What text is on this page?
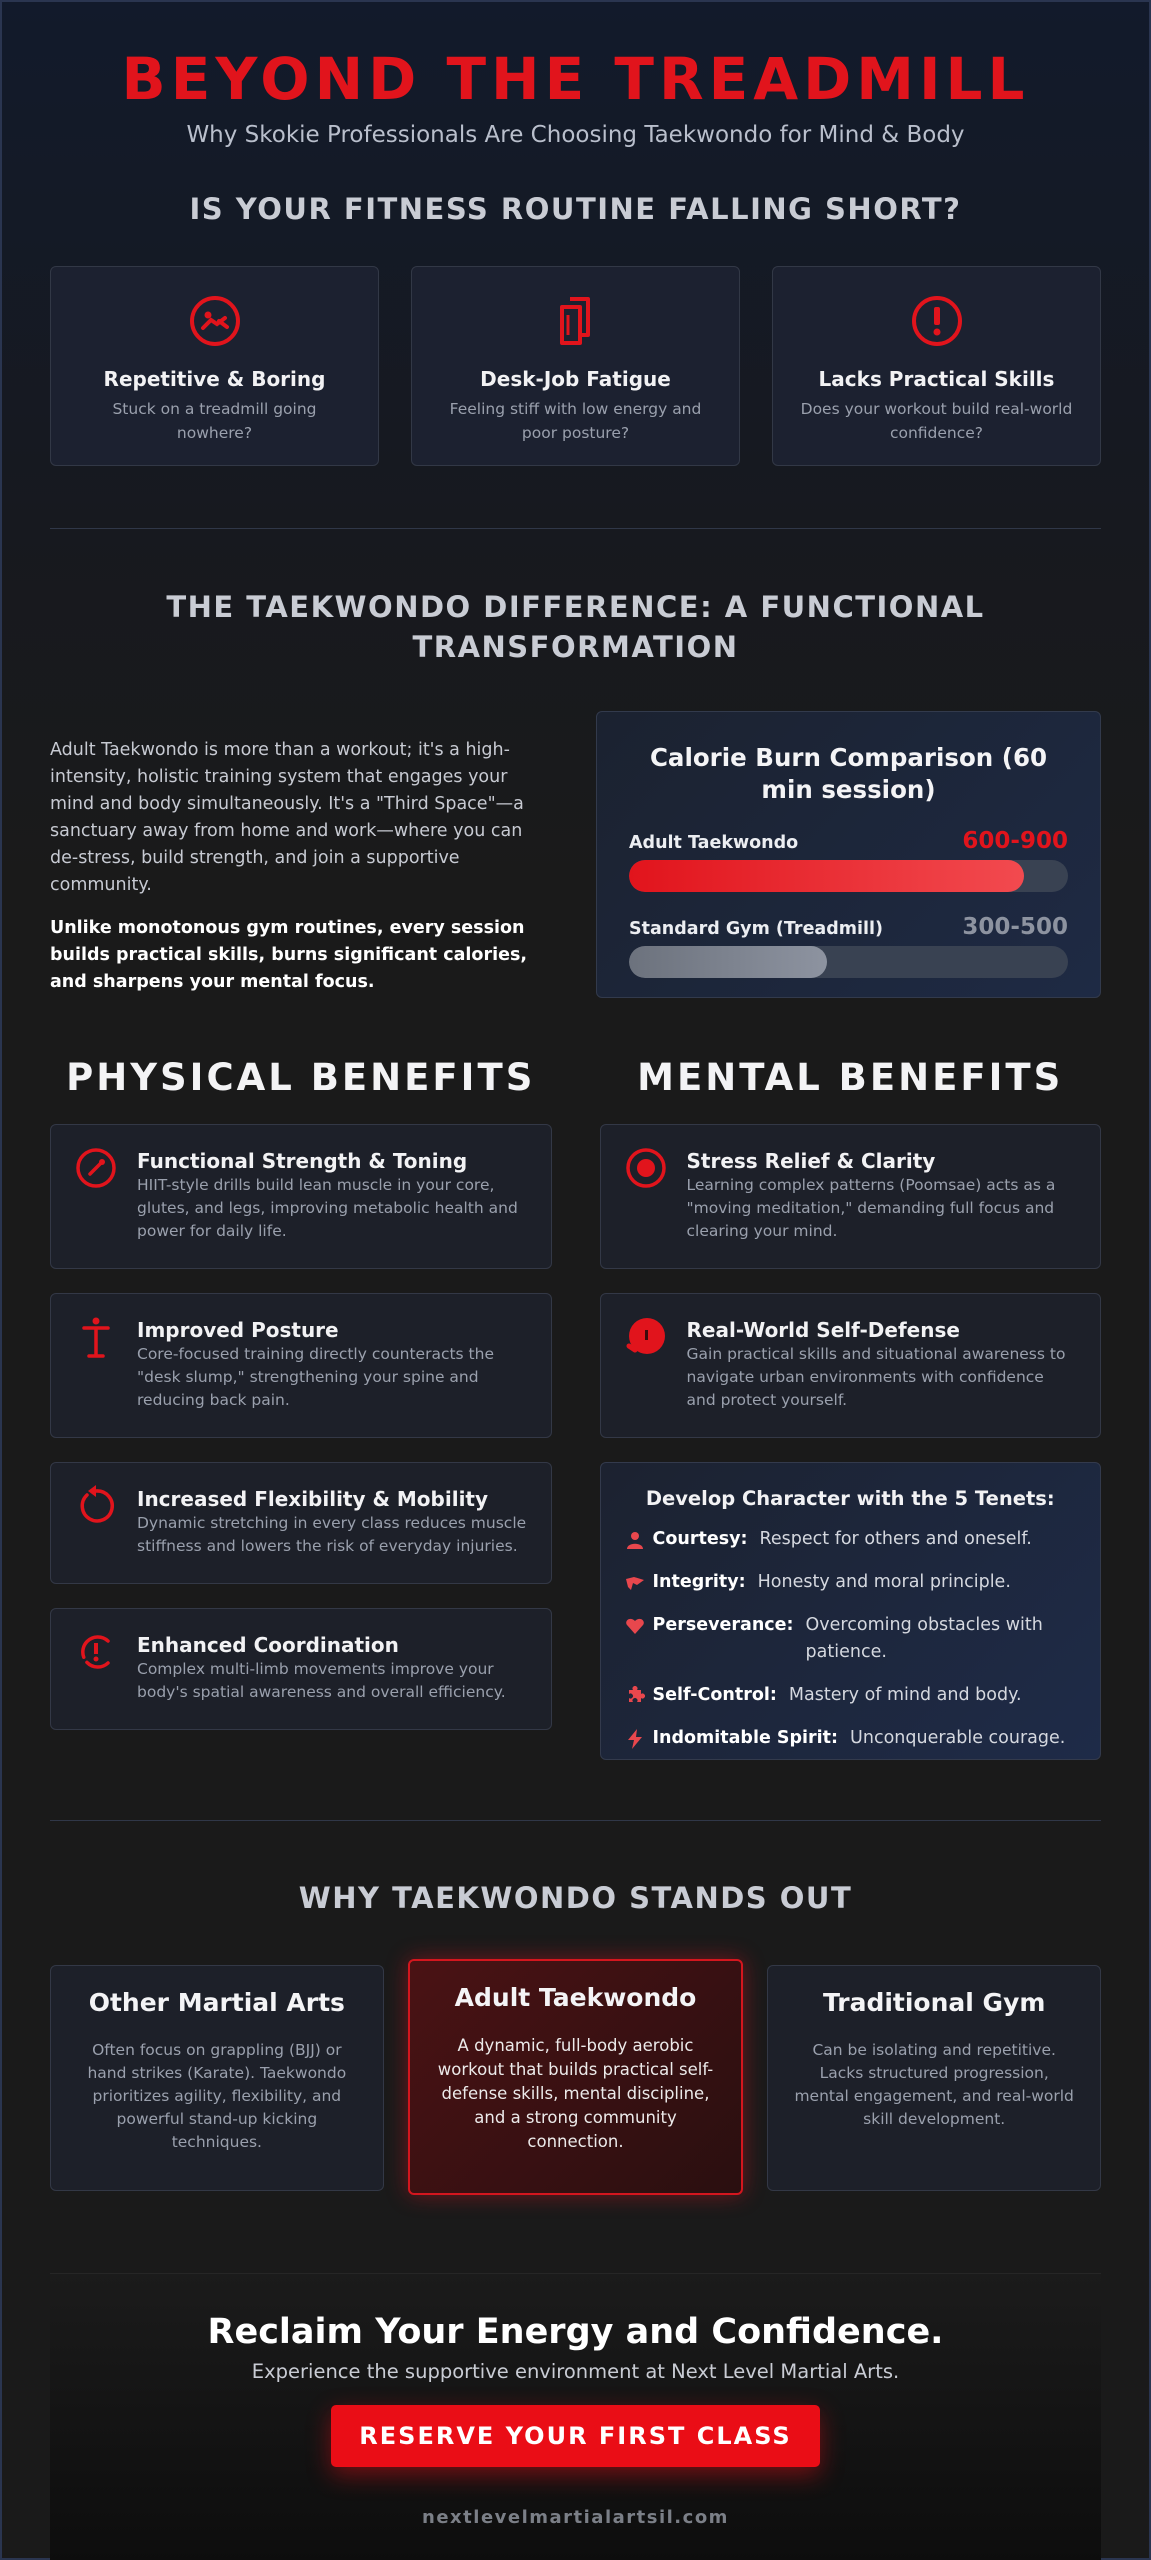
BEYOND THE TREADMILL

Why Skokie Professionals Are Choosing Taekwondo for Mind & Body

IS YOUR FITNESS ROUTINE FALLING SHORT?
Repetitive & Boring

Stuck on a treadmill going nowhere?

Desk-Job Fatigue

Feeling stiff with low energy and poor posture?

Lacks Practical Skills

Does your workout build real-world confidence?

THE TAEKWONDO DIFFERENCE: A FUNCTIONAL TRANSFORMATION

Adult Taekwondo is more than a workout; it's a high-intensity, holistic training system that engages your mind and body simultaneously. It's a "Third Space"—a sanctuary away from home and work—where you can de-stress, build strength, and join a supportive community.

Unlike monotonous gym routines, every session builds practical skills, burns significant calories, and sharpens your mental focus.

Calorie Burn Comparison (60 min session)
Adult Taekwondo	600-900
Standard Gym (Treadmill)	300-500
PHYSICAL BENEFITS
Functional Strength & Toning

HIIT-style drills build lean muscle in your core, glutes, and legs, improving metabolic health and power for daily life.

Improved Posture

Core-focused training directly counteracts the "desk slump," strengthening your spine and reducing back pain.

Increased Flexibility & Mobility

Dynamic stretching in every class reduces muscle stiffness and lowers the risk of everyday injuries.

Enhanced Coordination

Complex multi-limb movements improve your body's spatial awareness and overall efficiency.

MENTAL BENEFITS
Stress Relief & Clarity

Learning complex patterns (Poomsae) acts as a "moving meditation," demanding full focus and clearing your mind.

Real-World Self-Defense

Gain practical skills and situational awareness to navigate urban environments with confidence and protect yourself.

Develop Character with the 5 Tenets:
Courtesy: Respect for others and oneself.
Integrity: Honesty and moral principle.
Perseverance: Overcoming obstacles with patience.
Self-Control: Mastery of mind and body.
Indomitable Spirit: Unconquerable courage.
WHY TAEKWONDO STANDS OUT
Other Martial Arts

Often focus on grappling (BJJ) or hand strikes (Karate). Taekwondo prioritizes agility, flexibility, and powerful stand-up kicking techniques.

Adult Taekwondo

A dynamic, full-body aerobic workout that builds practical self-defense skills, mental discipline, and a strong community connection.

Traditional Gym

Can be isolating and repetitive. Lacks structured progression, mental engagement, and real-world skill development.

Reclaim Your Energy and Confidence.

Experience the supportive environment at Next Level Martial Arts.

RESERVE YOUR FIRST CLASS
nextlevelmartialartsil.com
